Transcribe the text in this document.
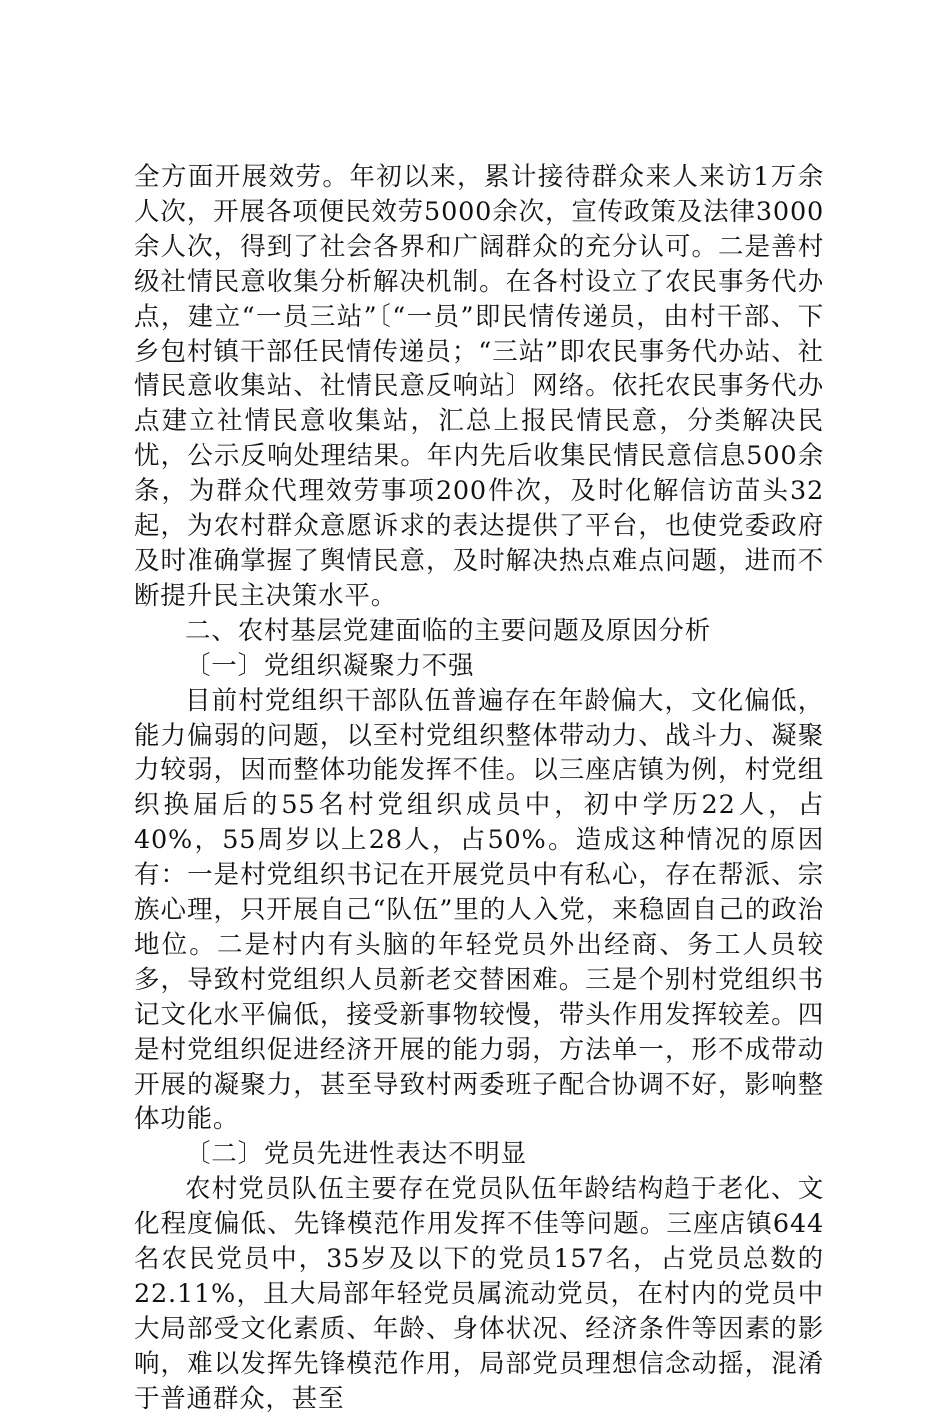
全方面开展效劳。年初以来，累计接待群众来人来访1万余人次，开展各项便民效劳5000余次，宣传政策及法律3000余人次，得到了社会各界和广阔群众的充分认可。二是善村级社情民意收集分析解决机制。在各村设立了农民事务代办点，建立“一员三站”〔“一员”即民情传递员，由村干部、下乡包村镇干部任民情传递员；“三站”即农民事务代办站、社情民意收集站、社情民意反响站〕网络。依托农民事务代办点建立社情民意收集站，汇总上报民情民意，分类解决民忧，公示反响处理结果。年内先后收集民情民意信息500余条，为群众代理效劳事项200件次，及时化解信访苗头32起，为农村群众意愿诉求的表达提供了平台，也使党委政府及时准确掌握了舆情民意，及时解决热点难点问题，进而不断提升民主决策水平。

二、农村基层党建面临的主要问题及原因分析

〔一〕党组织凝聚力不强

目前村党组织干部队伍普遍存在年龄偏大，文化偏低，能力偏弱的问题，以至村党组织整体带动力、战斗力、凝聚力较弱，因而整体功能发挥不佳。以三座店镇为例，村党组织换届后的55名村党组织成员中，初中学历22人，占40%，55周岁以上28人，占50%。造成这种情况的原因有：一是村党组织书记在开展党员中有私心，存在帮派、宗族心理，只开展自己“队伍”里的人入党，来稳固自己的政治地位。二是村内有头脑的年轻党员外出经商、务工人员较多，导致村党组织人员新老交替困难。三是个别村党组织书记文化水平偏低，接受新事物较慢，带头作用发挥较差。四是村党组织促进经济开展的能力弱，方法单一，形不成带动开展的凝聚力，甚至导致村两委班子配合协调不好，影响整体功能。

〔二〕党员先进性表达不明显

农村党员队伍主要存在党员队伍年龄结构趋于老化、文化程度偏低、先锋模范作用发挥不佳等问题。三座店镇644名农民党员中，35岁及以下的党员157名，占党员总数的22.11%，且大局部年轻党员属流动党员，在村内的党员中大局部受文化素质、年龄、身体状况、经济条件等因素的影响，难以发挥先锋模范作用，局部党员理想信念动摇，混淆于普通群众，甚至
